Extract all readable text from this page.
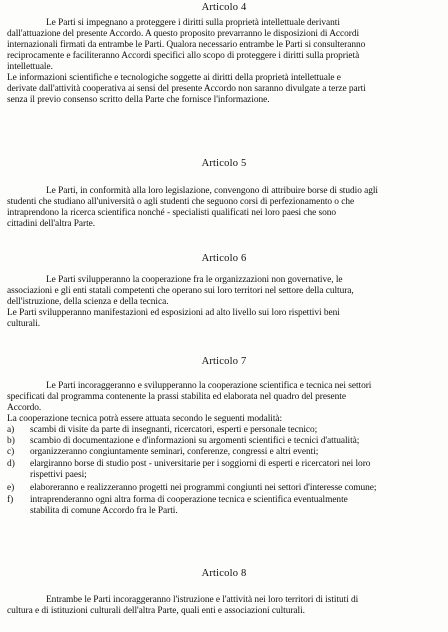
Articolo 4
Le Parti si impegnano a proteggere i diritti sulla proprietà intellettuale derivanti
dall'attuazione del presente Accordo. A questo proposito prevarranno le disposizioni di Accordi
internazionali firmati da entrambe le Parti. Qualora necessario entrambe le Parti si consulteranno
reciprocamente e faciliteranno Accordi specifici allo scopo di proteggere i diritti sulla proprietà
intellettuale.
Le informazioni scientifiche e tecnologiche soggette ai diritti della proprietà intellettuale e
derivate dall'attività cooperativa ai sensi del presente Accordo non saranno divulgate a terze parti
senza il previo consenso scritto della Parte che fornisce l'informazione.
Articolo 5
Le Parti, in conformità alla loro legislazione, convengono di attribuire borse di studio agli
studenti che studiano all'università o agli studenti che seguono corsi di perfezionamento o che
intraprendono la ricerca scientifica nonché - specialisti qualificati nei loro paesi che sono
cittadini dell'altra Parte.
Articolo 6
Le Parti svilupperanno la cooperazione fra le organizzazioni non governative, le
associazioni e gli enti statali competenti che operano sui loro territori nel settore della cultura,
dell'istruzione, della scienza e della tecnica.
Le Parti svilupperanno manifestazioni ed esposizioni ad alto livello sui loro rispettivi beni
culturali.
Articolo 7
Le Parti incoraggeranno e svilupperanno la cooperazione scientifica e tecnica nei settori
specificati dal programma contenente la prassi stabilita ed elaborata nel quadro del presente
Accordo.
La cooperazione tecnica potrà essere attuata secondo le seguenti modalità:
a) scambi di visite da parte di insegnanti, ricercatori, esperti e personale tecnico;
b) scambio di documentazione e d'informazioni su argomenti scientifici e tecnici d'attualità;
c) organizzeranno congiuntamente seminari, conferenze, congressi e altri eventi;
d) elargiranno borse di studio post - universitarie per i soggiorni di esperti e ricercatori nei loro
rispettivi paesi;
e) elaboreranno e realizzeranno progetti nei programmi congiunti nei settori d'interesse comune;
f) intraprenderanno ogni altra forma di cooperazione tecnica e scientifica eventualmente
stabilita di comune Accordo fra le Parti.
Articolo 8
Entrambe le Parti incoraggeranno l'istruzione e l'attività nei loro territori di istituti di
cultura e di istituzioni culturali dell'altra Parte, quali enti e associazioni culturali.
